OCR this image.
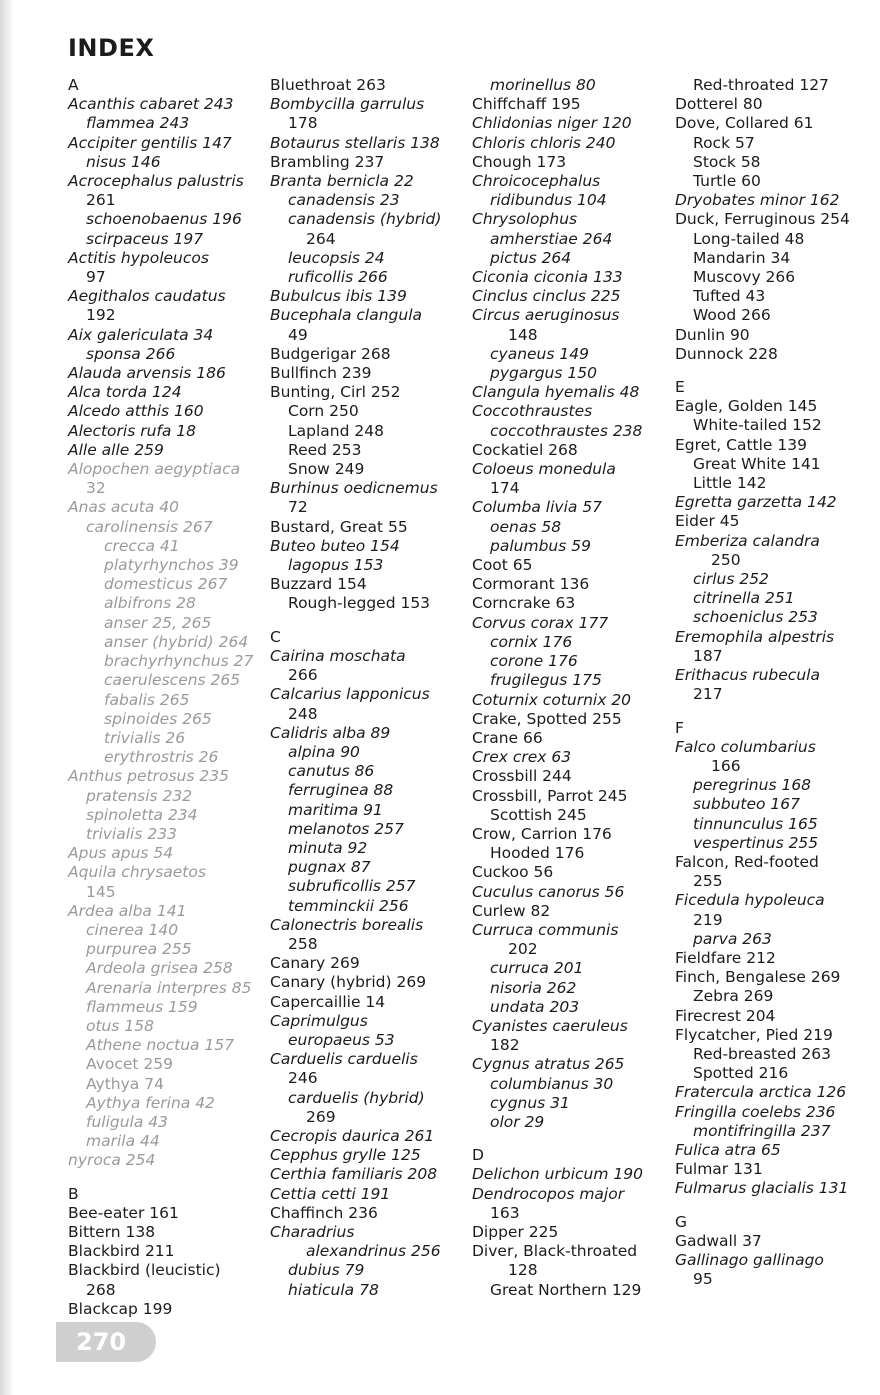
INDEX
A
Acanthis cabaret 243
flammea 243
Accipiter gentilis 147
nisus 146
Acrocephalus palustris
261
schoenobaenus 196
scirpaceus 197
Actitis hypoleucos
97
Aegithalos caudatus
192
Aix galericulata 34
sponsa 266
Alauda arvensis 186
Alca torda 124
Alcedo atthis 160
Alectoris rufa 18
Alle alle 259
Alopochen aegyptiaca
32
Anas acuta 40
carolinensis 267
crecca 41
platyrhynchos 39
domesticus 267
albifrons 28
anser 25, 265
anser (hybrid) 264
brachyrhynchus 27
caerulescens 265
fabalis 265
spinoides 265
trivialis 26
erythrostris 26
Anthus petrosus 235
pratensis 232
spinoletta 234
trivialis 233
Apus apus 54
Aquila chrysaetos
145
Ardea alba 141
cinerea 140
purpurea 255
Ardeola grisea 258
Arenaria interpres 85
flammeus 159
otus 158
Athene noctua 157
Avocet 259
Aythya 74
Aythya ferina 42
fuligula 43
marila 44
nyroca 254
B
Bee-eater 161
Bittern 138
Blackbird 211
Blackbird (leucistic)
268
Blackcap 199
Bluethroat 263
Bombycilla garrulus
178
Botaurus stellaris 138
Brambling 237
Branta bernicla 22
canadensis 23
canadensis (hybrid)
264
leucopsis 24
ruficollis 266
Bubulcus ibis 139
Bucephala clangula
49
Budgerigar 268
Bullfinch 239
Bunting, Cirl 252
Corn 250
Lapland 248
Reed 253
Snow 249
Burhinus oedicnemus
72
Bustard, Great 55
Buteo buteo 154
lagopus 153
Buzzard 154
Rough-legged 153
C
Cairina moschata
266
Calcarius lapponicus
248
Calidris alba 89
alpina 90
canutus 86
ferruginea 88
maritima 91
melanotos 257
minuta 92
pugnax 87
subruficollis 257
temminckii 256
Calonectris borealis
258
Canary 269
Canary (hybrid) 269
Capercaillie 14
Caprimulgus
europaeus 53
Carduelis carduelis
246
carduelis (hybrid)
269
Cecropis daurica 261
Cepphus grylle 125
Certhia familiaris 208
Cettia cetti 191
Chaffinch 236
Charadrius
alexandrinus 256
dubius 79
hiaticula 78
morinellus 80
Chiffchaff 195
Chlidonias niger 120
Chloris chloris 240
Chough 173
Chroicocephalus
ridibundus 104
Chrysolophus
amherstiae 264
pictus 264
Ciconia ciconia 133
Cinclus cinclus 225
Circus aeruginosus
148
cyaneus 149
pygargus 150
Clangula hyemalis 48
Coccothraustes
coccothraustes 238
Cockatiel 268
Coloeus monedula
174
Columba livia 57
oenas 58
palumbus 59
Coot 65
Cormorant 136
Corncrake 63
Corvus corax 177
cornix 176
corone 176
frugilegus 175
Coturnix coturnix 20
Crake, Spotted 255
Crane 66
Crex crex 63
Crossbill 244
Crossbill, Parrot 245
Scottish 245
Crow, Carrion 176
Hooded 176
Cuckoo 56
Cuculus canorus 56
Curlew 82
Curruca communis
202
curruca 201
nisoria 262
undata 203
Cyanistes caeruleus
182
Cygnus atratus 265
columbianus 30
cygnus 31
olor 29
D
Delichon urbicum 190
Dendrocopos major
163
Dipper 225
Diver, Black-throated
128
Great Northern 129
Red-throated 127
Dotterel 80
Dove, Collared 61
Rock 57
Stock 58
Turtle 60
Dryobates minor 162
Duck, Ferruginous 254
Long-tailed 48
Mandarin 34
Muscovy 266
Tufted 43
Wood 266
Dunlin 90
Dunnock 228
E
Eagle, Golden 145
White-tailed 152
Egret, Cattle 139
Great White 141
Little 142
Egretta garzetta 142
Eider 45
Emberiza calandra
250
cirlus 252
citrinella 251
schoeniclus 253
Eremophila alpestris
187
Erithacus rubecula
217
F
Falco columbarius
166
peregrinus 168
subbuteo 167
tinnunculus 165
vespertinus 255
Falcon, Red-footed
255
Ficedula hypoleuca
219
parva 263
Fieldfare 212
Finch, Bengalese 269
Zebra 269
Firecrest 204
Flycatcher, Pied 219
Red-breasted 263
Spotted 216
Fratercula arctica 126
Fringilla coelebs 236
montifringilla 237
Fulica atra 65
Fulmar 131
Fulmarus glacialis 131
G
Gadwall 37
Gallinago gallinago
95
270
